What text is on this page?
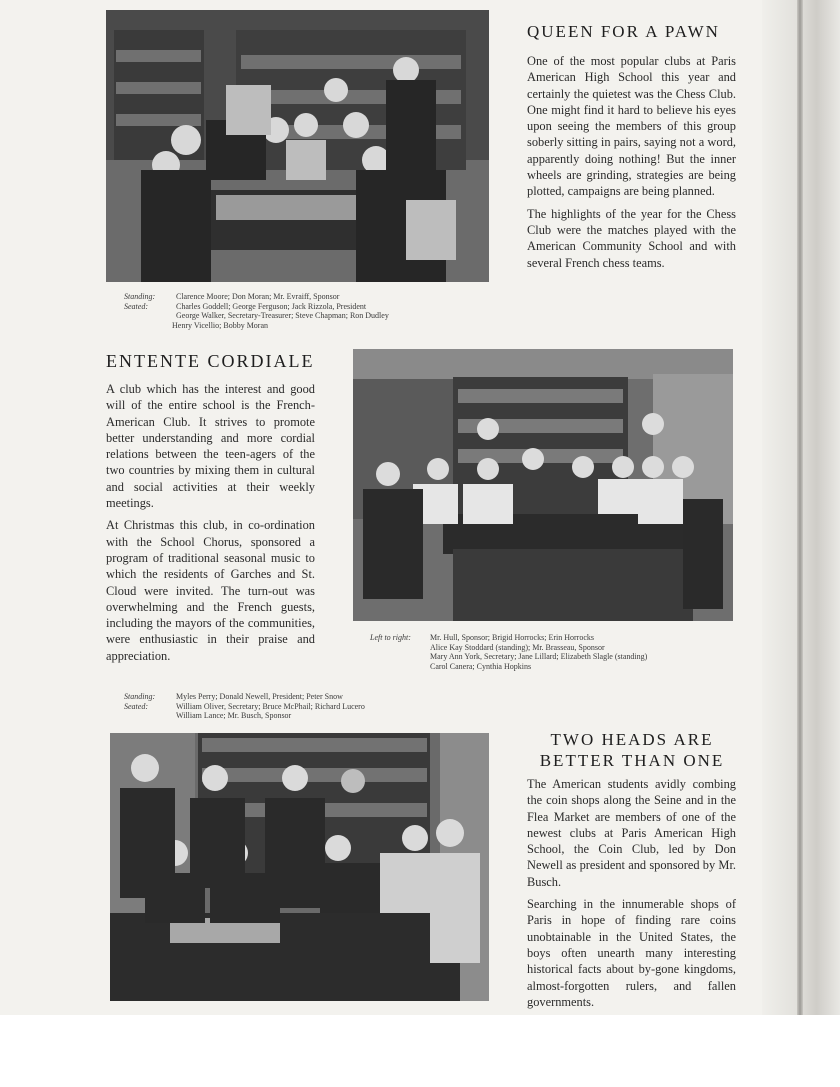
QUEEN FOR A PAWN

One of the most popular clubs at Paris American High School this year and certainly the quietest was the Chess Club. One might find it hard to believe his eyes upon seeing the members of this group soberly sitting in pairs, saying not a word, apparently doing nothing! But the inner wheels are grinding, strategies are being plotted, campaigns are being planned.

The highlights of the year for the Chess Club were the matches played with the American Community School and with several French chess teams.

Standing:	Clarence Moore; Don Moran; Mr. Evraiff, Sponsor
Seated:	Charles Goddell; George Ferguson; Jack Rizzola, President
George Walker, Secretary-Treasurer; Steve Chapman; Ron Dudley
Henry Vicellio; Bobby Moran
ENTENTE CORDIALE

A club which has the interest and good will of the entire school is the French-American Club. It strives to promote better understanding and more cordial relations between the teen-agers of the two countries by mixing them in cultural and social activities at their weekly meetings.

At Christmas this club, in co-ordination with the School Chorus, sponsored a program of traditional seasonal music to which the residents of Garches and St. Cloud were invited. The turn-out was overwhelming and the French guests, including the mayors of the communities, were enthusiastic in their praise and appreciation.

Left to right:	Mr. Hull, Sponsor; Brigid Horrocks; Erin Horrocks
Alice Kay Stoddard (standing); Mr. Brasseau, Sponsor
Mary Ann York, Secretary; Jane Lillard; Elizabeth Slagle (standing)
Carol Canera; Cynthia Hopkins
Standing:	Myles Perry; Donald Newell, President; Peter Snow
Seated:	William Oliver, Secretary; Bruce McPhail; Richard Lucero
William Lance; Mr. Busch, Sponsor
TWO HEADS ARE
BETTER THAN ONE

The American students avidly combing the coin shops along the Seine and in the Flea Market are members of one of the newest clubs at Paris American High School, the Coin Club, led by Don Newell as president and sponsored by Mr. Busch.

Searching in the innumerable shops of Paris in hope of finding rare coins unobtainable in the United States, the boys often unearth many interesting historical facts about by-gone kingdoms, almost-forgotten rulers, and fallen governments.
